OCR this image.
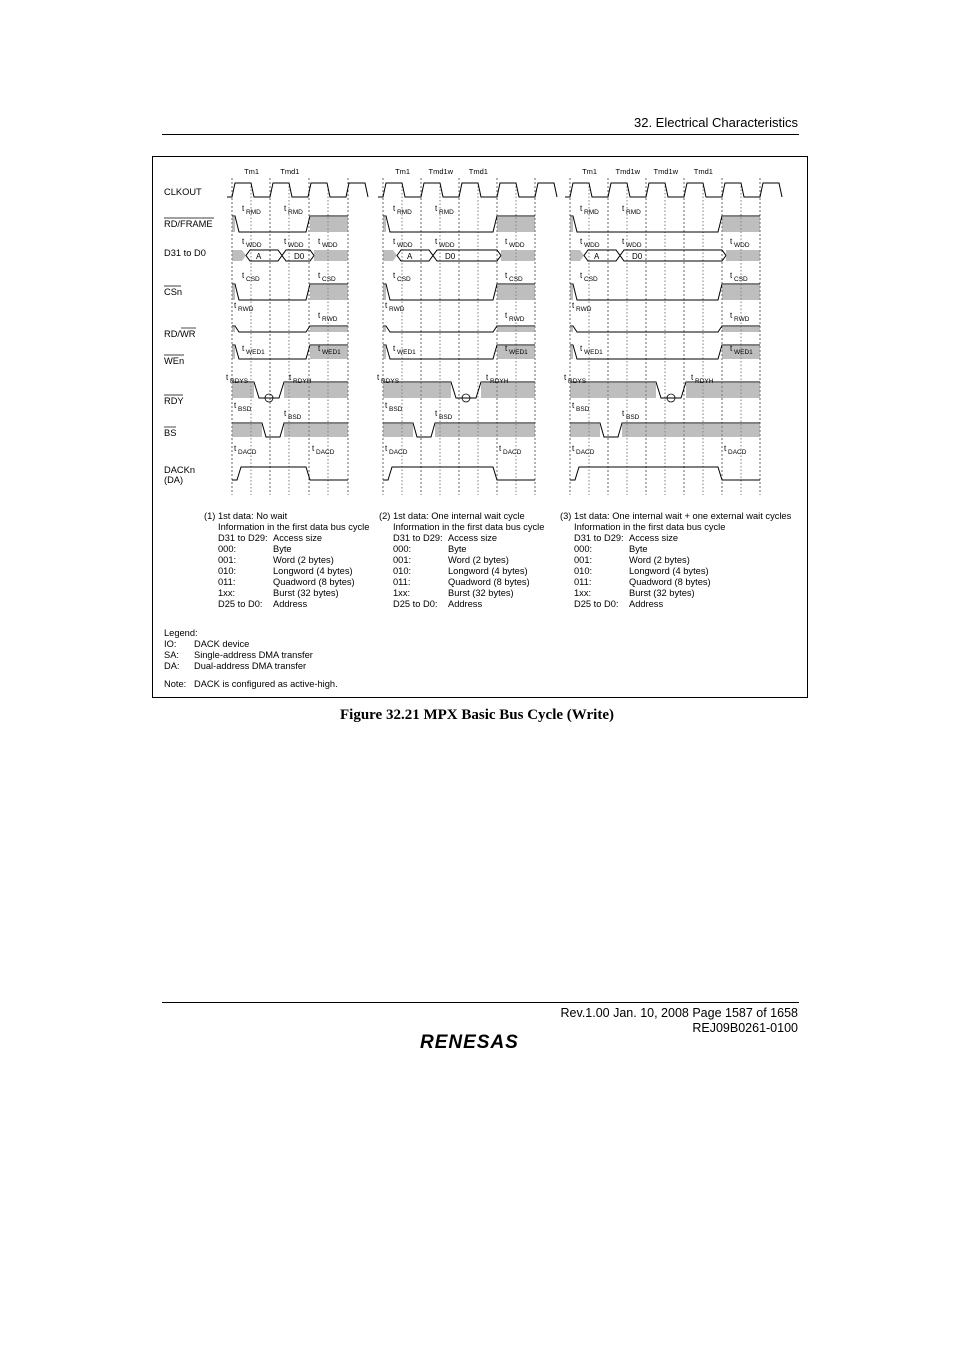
32. Electrical Characteristics
CLKOUT
RD/FRAME
D31 to D0
CSn
RD/WR
WEn
RDY
BS
DACKn
(DA)
Tm1	Tmd1
t RMD	t RMD
A	D0
t WDD	t WDD t WDD
t CSD	t CSD
t RWD
t RWD
t WED1	t WED1
t RDYS	t RDYH
t BSD	t BSD
t DACD	t DACD
Tm1 Tmd1w Tmd1
t RMD	t RMD
A	D0
t WDD	t WDD	t WDD
t CSD	t CSD
t RWD
t RWD
t WED1	t WED1
t RDYS	t RDYH
t BSD	t BSD
t DACD	t DACD
Tm1 Tmd1w Tmd1w Tmd1
t RMD	t RMD
A	D0
t WDD	t WDD	t WDD
t CSD	t CSD
t RWD
t RWD
t WED1	t WED1
t RDYS	t RDYH
t BSD	t BSD
t DACD	t DACD
(1) 1st data: No wait
Information in the first data bus cycle
D31 to D29: Access size
000:	Byte
001:	Word (2 bytes)
010:	Longword (4 bytes)
011:	Quadword (8 bytes)
1xx:	Burst (32 bytes)
D25 to D0:	Address
(2) 1st data: One internal wait cycle
Information in the first data bus cycle
D31 to D29: Access size
000:	Byte
001:	Word (2 bytes)
010:	Longword (4 bytes)
011:	Quadword (8 bytes)
1xx:	Burst (32 bytes)
D25 to D0:	Address
(3) 1st data: One internal wait + one external wait cycles
Information in the first data bus cycle
D31 to D29: Access size
000:	Byte
001:	Word (2 bytes)
010:	Longword (4 bytes)
011:	Quadword (8 bytes)
1xx:	Burst (32 bytes)
D25 to D0:	Address
Legend:
IO:	DACK device
SA:	Single-address DMA transfer
DA:	Dual-address DMA transfer
Note: DACK is configured as active-high.
Figure 32.21 MPX Basic Bus Cycle (Write)
Rev.1.00 Jan. 10, 2008 Page 1587 of 1658
REJ09B0261-0100
RENESAS
